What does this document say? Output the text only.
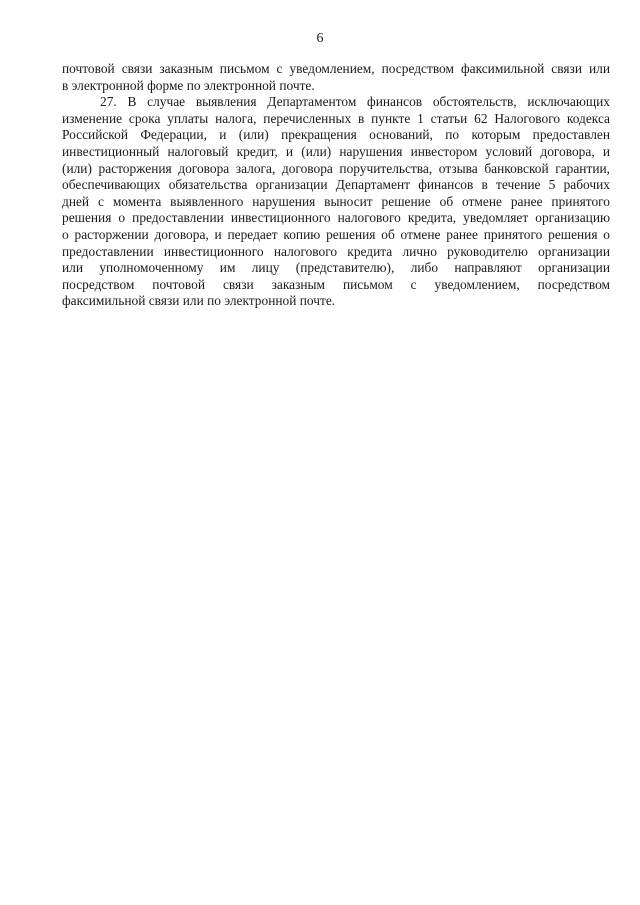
6
почтовой связи заказным письмом с уведомлением, посредством факсимильной связи или
в электронной форме по электронной почте.
27. В случае выявления Департаментом финансов обстоятельств, исключающих
изменение срока уплаты налога, перечисленных в пункте 1 статьи 62 Налогового кодекса
Российской Федерации, и (или) прекращения оснований, по которым предоставлен
инвестиционный налоговый кредит, и (или) нарушения инвестором условий договора, и
(или) расторжения договора залога, договора поручительства, отзыва банковской гарантии,
обеспечивающих обязательства организации Департамент финансов в течение 5 рабочих
дней с момента выявленного нарушения выносит решение об отмене ранее принятого
решения о предоставлении инвестиционного налогового кредита, уведомляет организацию
о расторжении договора, и передает копию решения об отмене ранее принятого решения о
предоставлении инвестиционного налогового кредита лично руководителю организации
или уполномоченному им лицу (представителю), либо направляют организации
посредством почтовой связи заказным письмом с уведомлением, посредством
факсимильной связи или по электронной почте.
